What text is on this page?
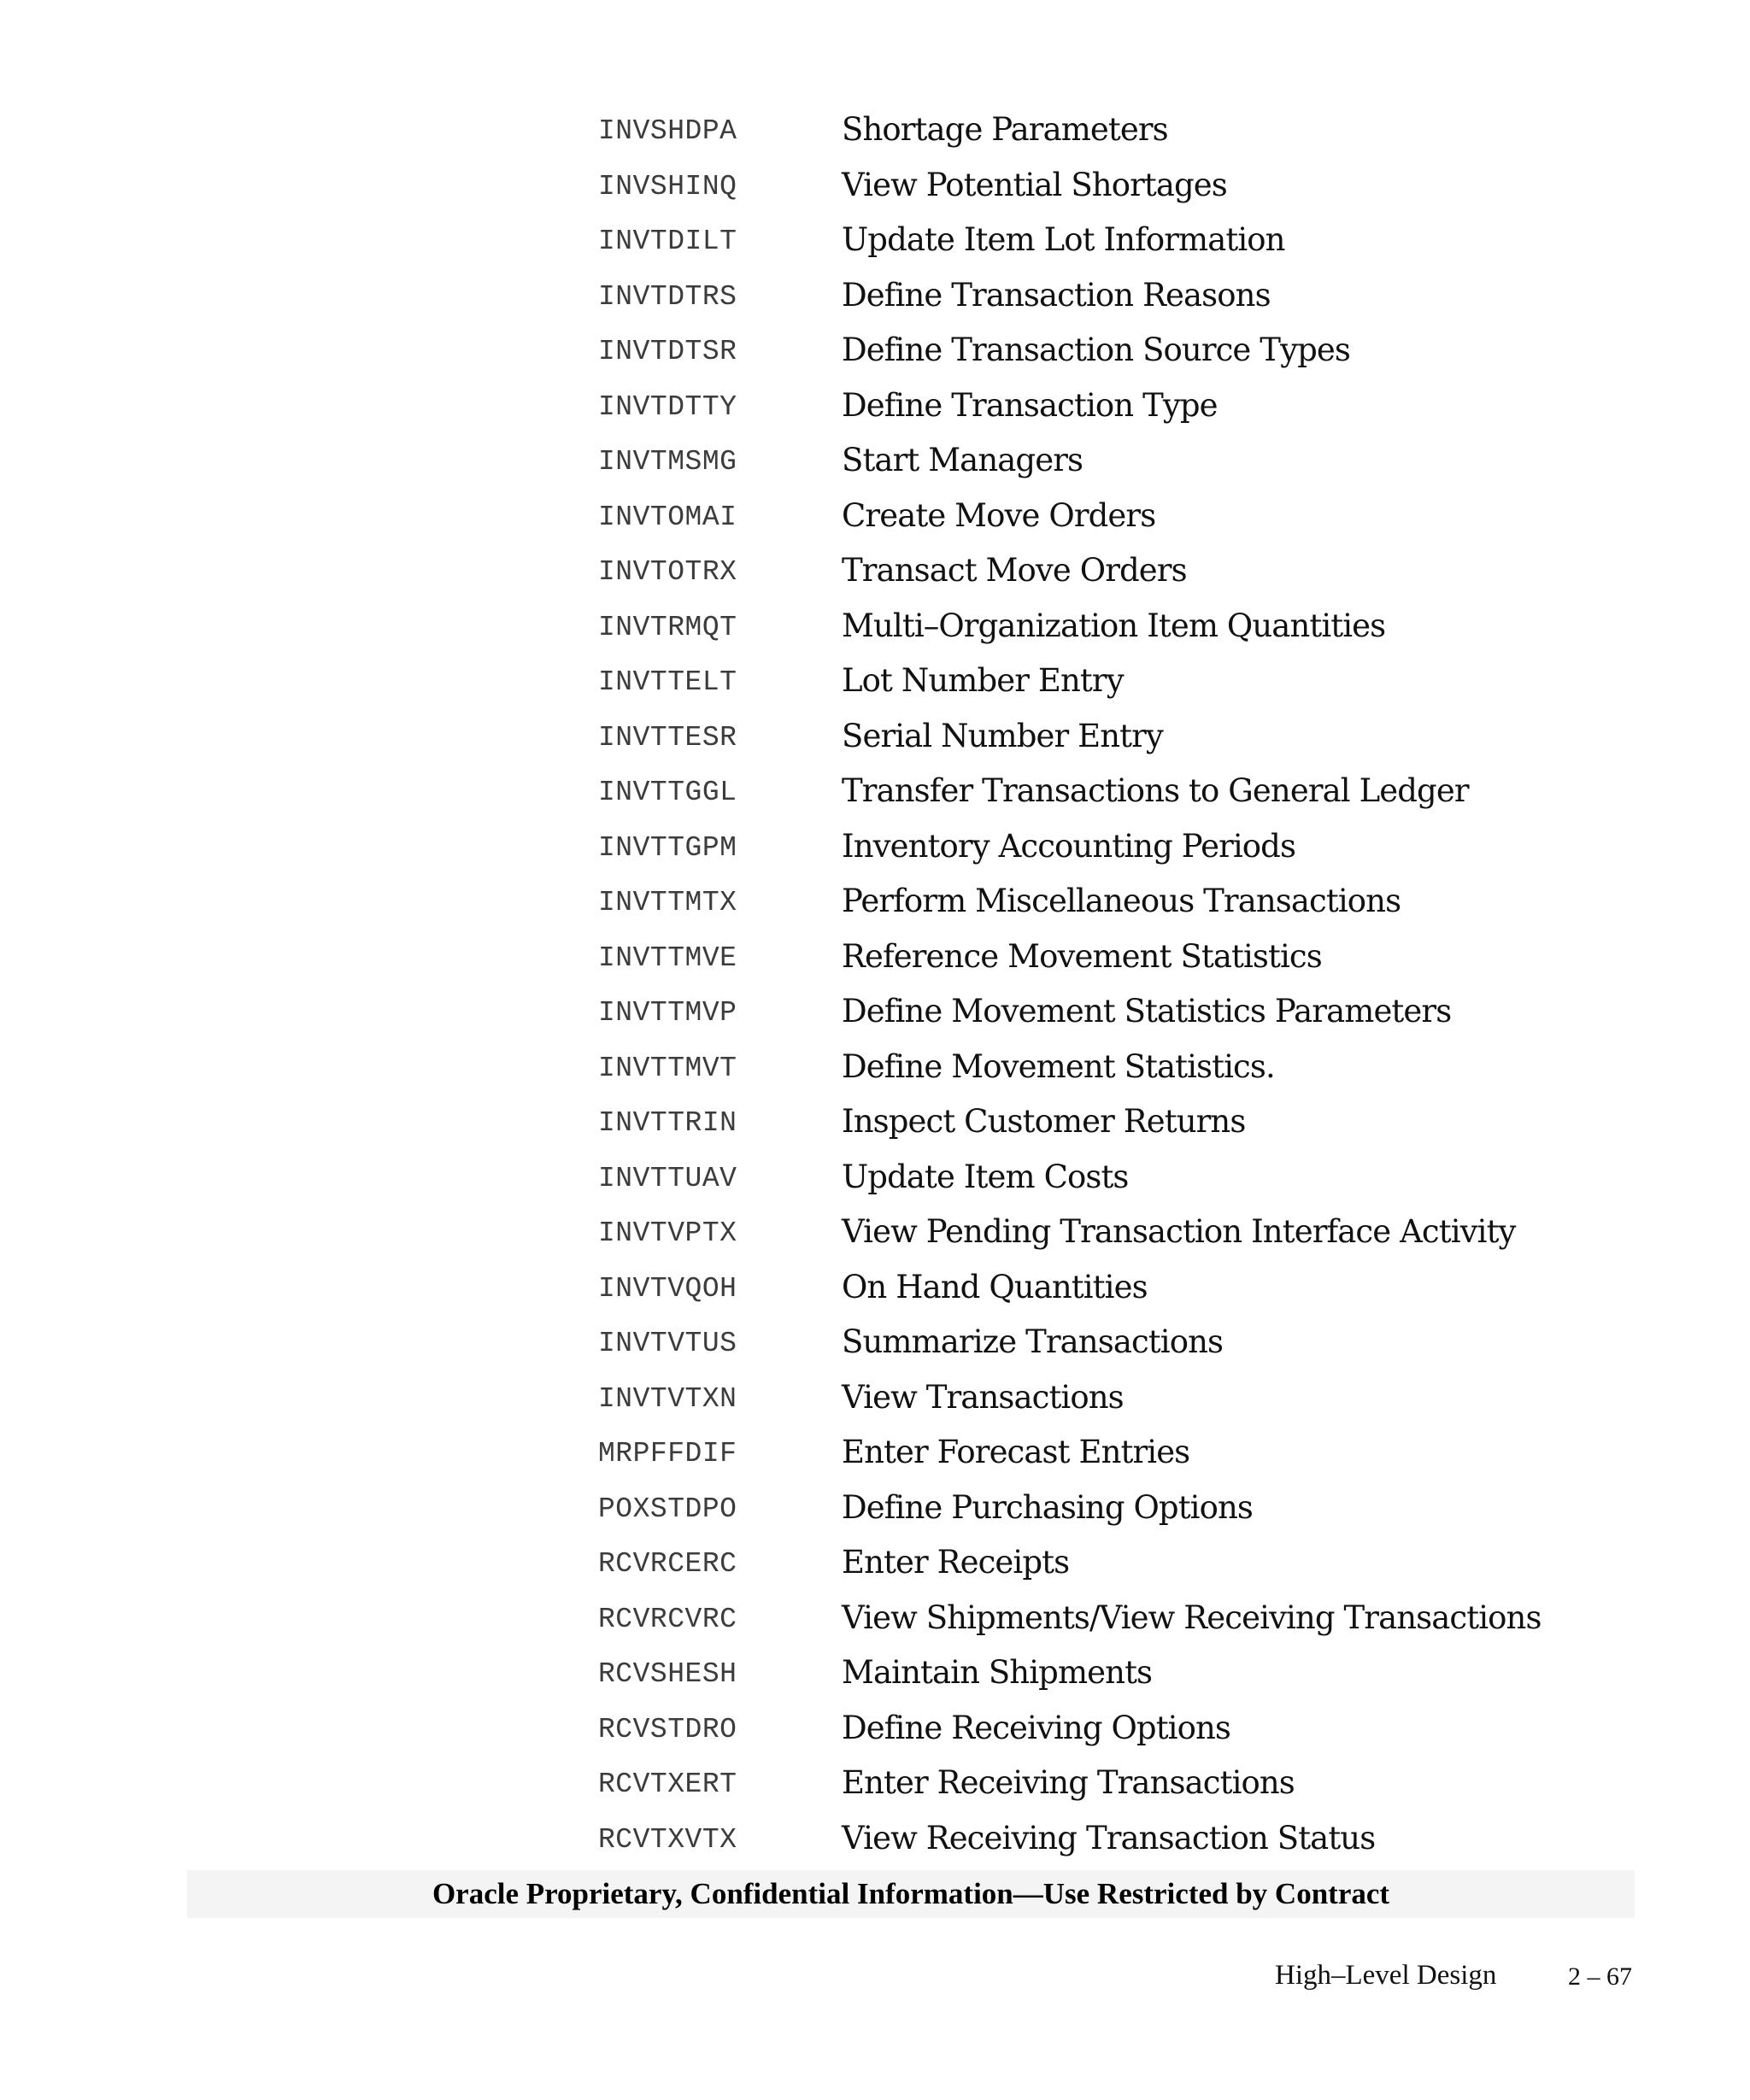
INVSHDPA	Shortage Parameters
INVSHINQ	View Potential Shortages
INVTDILT	Update Item Lot Information
INVTDTRS	Define Transaction Reasons
INVTDTSR	Define Transaction Source Types
INVTDTTY	Define Transaction Type
INVTMSMG	Start Managers
INVTOMAI	Create Move Orders
INVTOTRX	Transact Move Orders
INVTRMQT	Multi–Organization Item Quantities
INVTTELT	Lot Number Entry
INVTTESR	Serial Number Entry
INVTTGGL	Transfer Transactions to General Ledger
INVTTGPM	Inventory Accounting Periods
INVTTMTX	Perform Miscellaneous Transactions
INVTTMVE	Reference Movement Statistics
INVTTMVP	Define Movement Statistics Parameters
INVTTMVT	Define Movement Statistics.
INVTTRIN	Inspect Customer Returns
INVTTUAV	Update Item Costs
INVTVPTX	View Pending Transaction Interface Activity
INVTVQOH	On Hand Quantities
INVTVTUS	Summarize Transactions
INVTVTXN	View Transactions
MRPFFDIF	Enter Forecast Entries
POXSTDPO	Define Purchasing Options
RCVRCERC	Enter Receipts
RCVRCVRC	View Shipments/View Receiving Transactions
RCVSHESH	Maintain Shipments
RCVSTDRO	Define Receiving Options
RCVTXERT	Enter Receiving Transactions
RCVTXVTX	View Receiving Transaction Status
Oracle Proprietary, Confidential Information––Use Restricted by Contract
High–Level Design	2 – 67
